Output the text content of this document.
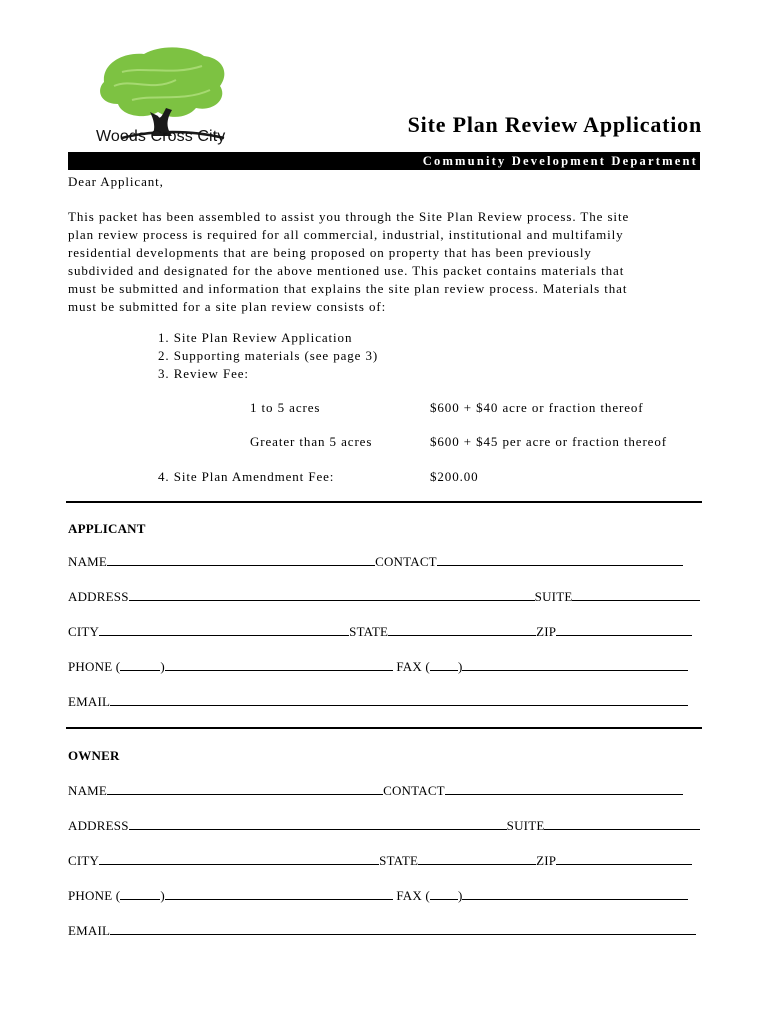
Woods Cross City	Site Plan Review Application
Community Development Department
Dear Applicant,
This packet has been assembled to assist you through the Site Plan Review process. The site
plan review process is required for all commercial, industrial, institutional and multifamily
residential developments that are being proposed on property that has been previously
subdivided and designated for the above mentioned use. This packet contains materials that
must be submitted and information that explains the site plan review process. Materials that
must be submitted for a site plan review consists of:
1. Site Plan Review Application
2. Supporting materials (see page 3)
3. Review Fee:
1 to 5 acres	$600 + $40 acre or fraction thereof
Greater than 5 acres	$600 + $45 per acre or fraction thereof
4. Site Plan Amendment Fee:	$200.00
APPLICANT
NAME	CONTACT
ADDRESS	SUITE
CITY	STATE	ZIP
PHONE (	)	FAX ( )
EMAIL
OWNER
NAME	CONTACT
ADDRESS	SUITE
CITY	STATE	ZIP
PHONE (	)	FAX ( )
EMAIL
